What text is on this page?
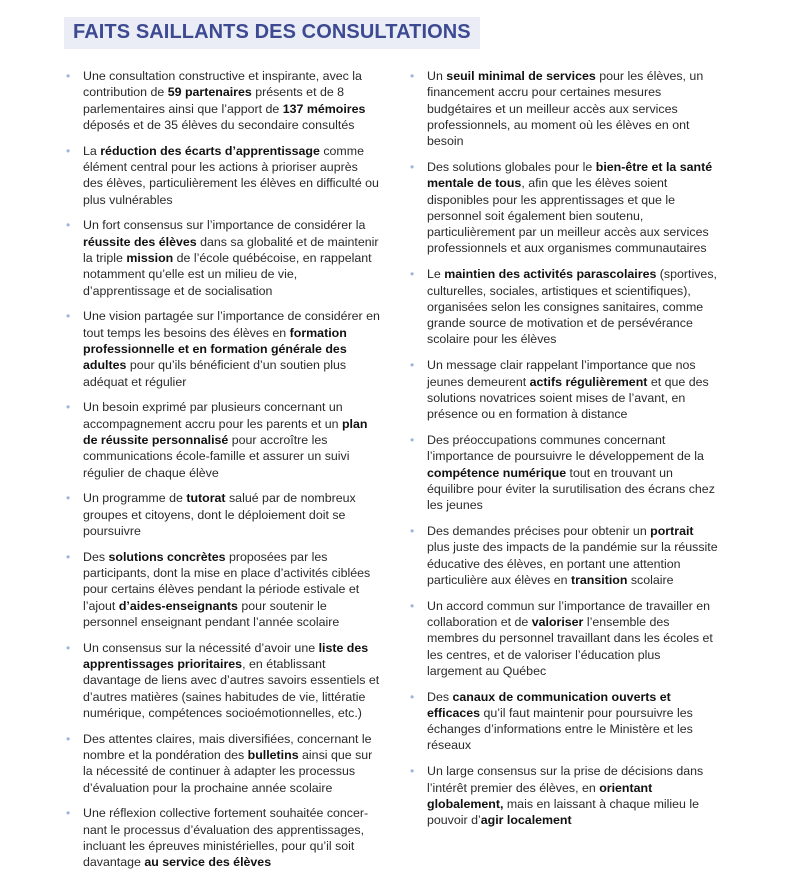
FAITS SAILLANTS DES CONSULTATIONS
• Une consultation constructive et inspirante, avec la contribution de 59 partenaires présents et de 8 parlementaires ainsi que l’apport de 137 mémoires déposés et de 35 élèves du secondaire consultés
• La réduction des écarts d’apprentissage comme élément central pour les actions à prioriser auprès des élèves, particulièrement les élèves en difficulté ou plus vulnérables
• Un fort consensus sur l’importance de considérer la réussite des élèves dans sa globalité et de maintenir la triple mission de l’école québécoise, en rappelant notamment qu’elle est un milieu de vie, d’apprentissage et de socialisation
• Une vision partagée sur l’importance de considérer en tout temps les besoins des élèves en formation professionnelle et en formation générale des adultes pour qu’ils bénéficient d’un soutien plus adéquat et régulier
• Un besoin exprimé par plusieurs concernant un accompagnement accru pour les parents et un plan de réussite personnalisé pour accroître les communications école-famille et assurer un suivi régulier de chaque élève
• Un programme de tutorat salué par de nombreux groupes et citoyens, dont le déploiement doit se poursuivre
• Des solutions concrètes proposées par les participants, dont la mise en place d’activités ciblées pour certains élèves pendant la période estivale et l’ajout d’aides-enseignants pour soutenir le personnel enseignant pendant l’année scolaire
• Un consensus sur la nécessité d’avoir une liste des apprentissages prioritaires, en établissant davantage de liens avec d’autres savoirs essentiels et d’autres matières (saines habitudes de vie, littératie numérique, compétences socioémotionnelles, etc.)
• Des attentes claires, mais diversifiées, concernant le nombre et la pondération des bulletins ainsi que sur la nécessité de continuer à adapter les processus d’évaluation pour la prochaine année scolaire
• Une réflexion collective fortement souhaitée concernant le processus d’évaluation des apprentissages, incluant les épreuves ministérielles, pour qu’il soit davantage au service des élèves
• Un seuil minimal de services pour les élèves, un financement accru pour certaines mesures budgétaires et un meilleur accès aux services professionnels, au moment où les élèves en ont besoin
• Des solutions globales pour le bien-être et la santé mentale de tous, afin que les élèves soient disponibles pour les apprentissages et que le personnel soit également bien soutenu, particulièrement par un meilleur accès aux services professionnels et aux organismes communautaires
• Le maintien des activités parascolaires (sportives, culturelles, sociales, artistiques et scientifiques), organisées selon les consignes sanitaires, comme grande source de motivation et de persévérance scolaire pour les élèves
• Un message clair rappelant l’importance que nos jeunes demeurent actifs régulièrement et que des solutions novatrices soient mises de l’avant, en présence ou en formation à distance
• Des préoccupations communes concernant l’importance de poursuivre le développement de la compétence numérique tout en trouvant un équilibre pour éviter la surutilisation des écrans chez les jeunes
• Des demandes précises pour obtenir un portrait plus juste des impacts de la pandémie sur la réussite éducative des élèves, en portant une attention particulière aux élèves en transition scolaire
• Un accord commun sur l’importance de travailler en collaboration et de valoriser l’ensemble des membres du personnel travaillant dans les écoles et les centres, et de valoriser l’éducation plus largement au Québec
• Des canaux de communication ouverts et efficaces qu’il faut maintenir pour poursuivre les échanges d’informations entre le Ministère et les réseaux
• Un large consensus sur la prise de décisions dans l’intérêt premier des élèves, en orientant globalement, mais en laissant à chaque milieu le pouvoir d’agir localement
